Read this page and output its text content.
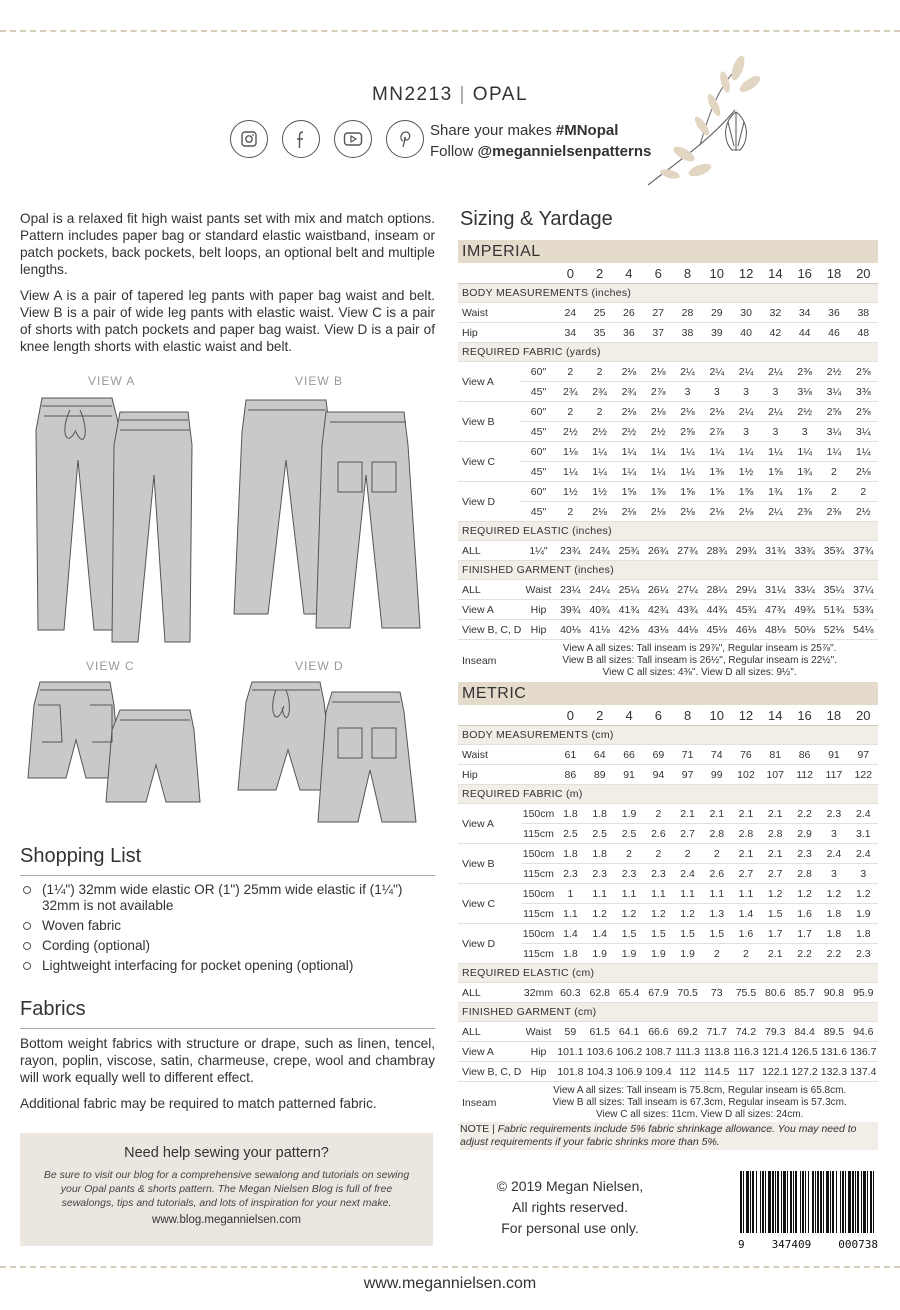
MN2213 | OPAL
Share your makes #MNopal
Follow @megannielsenpatterns

Opal is a relaxed fit high waist pants set with mix and match options. Pattern includes paper bag or standard elastic waistband, inseam or patch pockets, back pockets, belt loops, an optional belt and multiple lengths.

View A is a pair of tapered leg pants with paper bag waist and belt. View B is a pair of wide leg pants with elastic waist. View C is a pair of shorts with patch pockets and paper bag waist. View D is a pair of knee length shorts with elastic waist and belt.

VIEW A	VIEW B
VIEW C	VIEW D
Shopping List
(1¼") 32mm wide elastic OR (1") 25mm wide elastic if (1¼") 32mm is not available
Woven fabric
Cording (optional)
Lightweight interfacing for pocket opening (optional)
Fabrics

Bottom weight fabrics with structure or drape, such as linen, tencel, rayon, poplin, viscose, satin, charmeuse, crepe, wool and chambray will work equally well to different effect.

Additional fabric may be required to match patterned fabric.

Need help sewing your pattern?
Be sure to visit our blog for a comprehensive sewalong and tutorials on sewing your Opal pants & shorts pattern. The Megan Nielsen Blog is full of free sewalongs, tips and tutorials, and lots of inspiration for your next make.
www.blog.megannielsen.com
Sizing & Yardage
IMPERIAL												
		0	2	4	6	8	10	12	14	16	18	20
BODY MEASUREMENTS (inches)												
Waist		24	25	26	27	28	29	30	32	34	36	38
Hip		34	35	36	37	38	39	40	42	44	46	48
REQUIRED FABRIC (yards)												
View A	60"	2	2	2⅛	2⅛	2¼	2¼	2¼	2¼	2⅜	2½	2⅝
	45"	2¾	2¾	2¾	2⅞	3	3	3	3	3⅛	3¼	3⅜
View B	60"	2	2	2⅛	2⅛	2⅛	2⅛	2¼	2¼	2½	2⅝	2⅝
	45"	2½	2½	2½	2½	2⅝	2⅞	3	3	3	3¼	3¼
View C	60"	1⅛	1¼	1¼	1¼	1¼	1¼	1¼	1¼	1¼	1¼	1¼
	45"	1¼	1¼	1¼	1¼	1¼	1⅜	1½	1⅝	1¾	2	2⅛
View D	60"	1½	1½	1⅝	1⅝	1⅝	1⅝	1⅝	1¾	1⅞	2	2
	45"	2	2⅛	2⅛	2⅛	2⅛	2⅛	2⅛	2¼	2⅜	2⅜	2½
REQUIRED ELASTIC (inches)												
ALL	1¼"	23¾	24¾	25¾	26¾	27¾	28¾	29¾	31¾	33¾	35¾	37¾
FINISHED GARMENT (inches)												
ALL	Waist	23¼	24¼	25¼	26¼	27¼	28¼	29¼	31¼	33¼	35¼	37¼
View A	Hip	39¾	40¾	41¾	42¾	43¾	44¾	45¾	47¾	49¾	51¾	53¾
View B, C, D	Hip	40⅛	41⅛	42⅛	43⅛	44⅛	45⅛	46⅛	48⅛	50⅛	52⅛	54⅛
Inseam	View A all sizes: Tall inseam is 29⅞", Regular inseam is 25⅞".
View B all sizes: Tall inseam is 26½", Regular inseam is 22½".
View C all sizes: 4⅜". View D all sizes: 9½".											
METRIC												
		0	2	4	6	8	10	12	14	16	18	20
BODY MEASUREMENTS (cm)												
Waist		61	64	66	69	71	74	76	81	86	91	97
Hip		86	89	91	94	97	99	102	107	112	117	122
REQUIRED FABRIC (m)												
View A	150cm	1.8	1.8	1.9	2	2.1	2.1	2.1	2.1	2.2	2.3	2.4
	115cm	2.5	2.5	2.5	2.6	2.7	2.8	2.8	2.8	2.9	3	3.1
View B	150cm	1.8	1.8	2	2	2	2	2.1	2.1	2.3	2.4	2.4
	115cm	2.3	2.3	2.3	2.3	2.4	2.6	2.7	2.7	2.8	3	3
View C	150cm	1	1.1	1.1	1.1	1.1	1.1	1.1	1.2	1.2	1.2	1.2
	115cm	1.1	1.2	1.2	1.2	1.2	1.3	1.4	1.5	1.6	1.8	1.9
View D	150cm	1.4	1.4	1.5	1.5	1.5	1.5	1.6	1.7	1.7	1.8	1.8
	115cm	1.8	1.9	1.9	1.9	1.9	2	2	2.1	2.2	2.2	2.3
REQUIRED ELASTIC (cm)												
ALL	32mm	60.3	62.8	65.4	67.9	70.5	73	75.5	80.6	85.7	90.8	95.9
FINISHED GARMENT (cm)												
ALL	Waist	59	61.5	64.1	66.6	69.2	71.7	74.2	79.3	84.4	89.5	94.6
View A	Hip	101.1	103.6	106.2	108.7	111.3	113.8	116.3	121.4	126.5	131.6	136.7
View B, C, D	Hip	101.8	104.3	106.9	109.4	112	114.5	117	122.1	127.2	132.3	137.4
Inseam	View A all sizes: Tall inseam is 75.8cm, Regular inseam is 65.8cm.
View B all sizes: Tall inseam is 67.3cm, Regular inseam is 57.3cm.
View C all sizes: 11cm. View D all sizes: 24cm.											
NOTE | Fabric requirements include 5% fabric shrinkage allowance. You may need to adjust requirements if your fabric shrinks more than 5%.
© 2019 Megan Nielsen,
All rights reserved.
For personal use only.
9 347409 000738
www.megannielsen.com
